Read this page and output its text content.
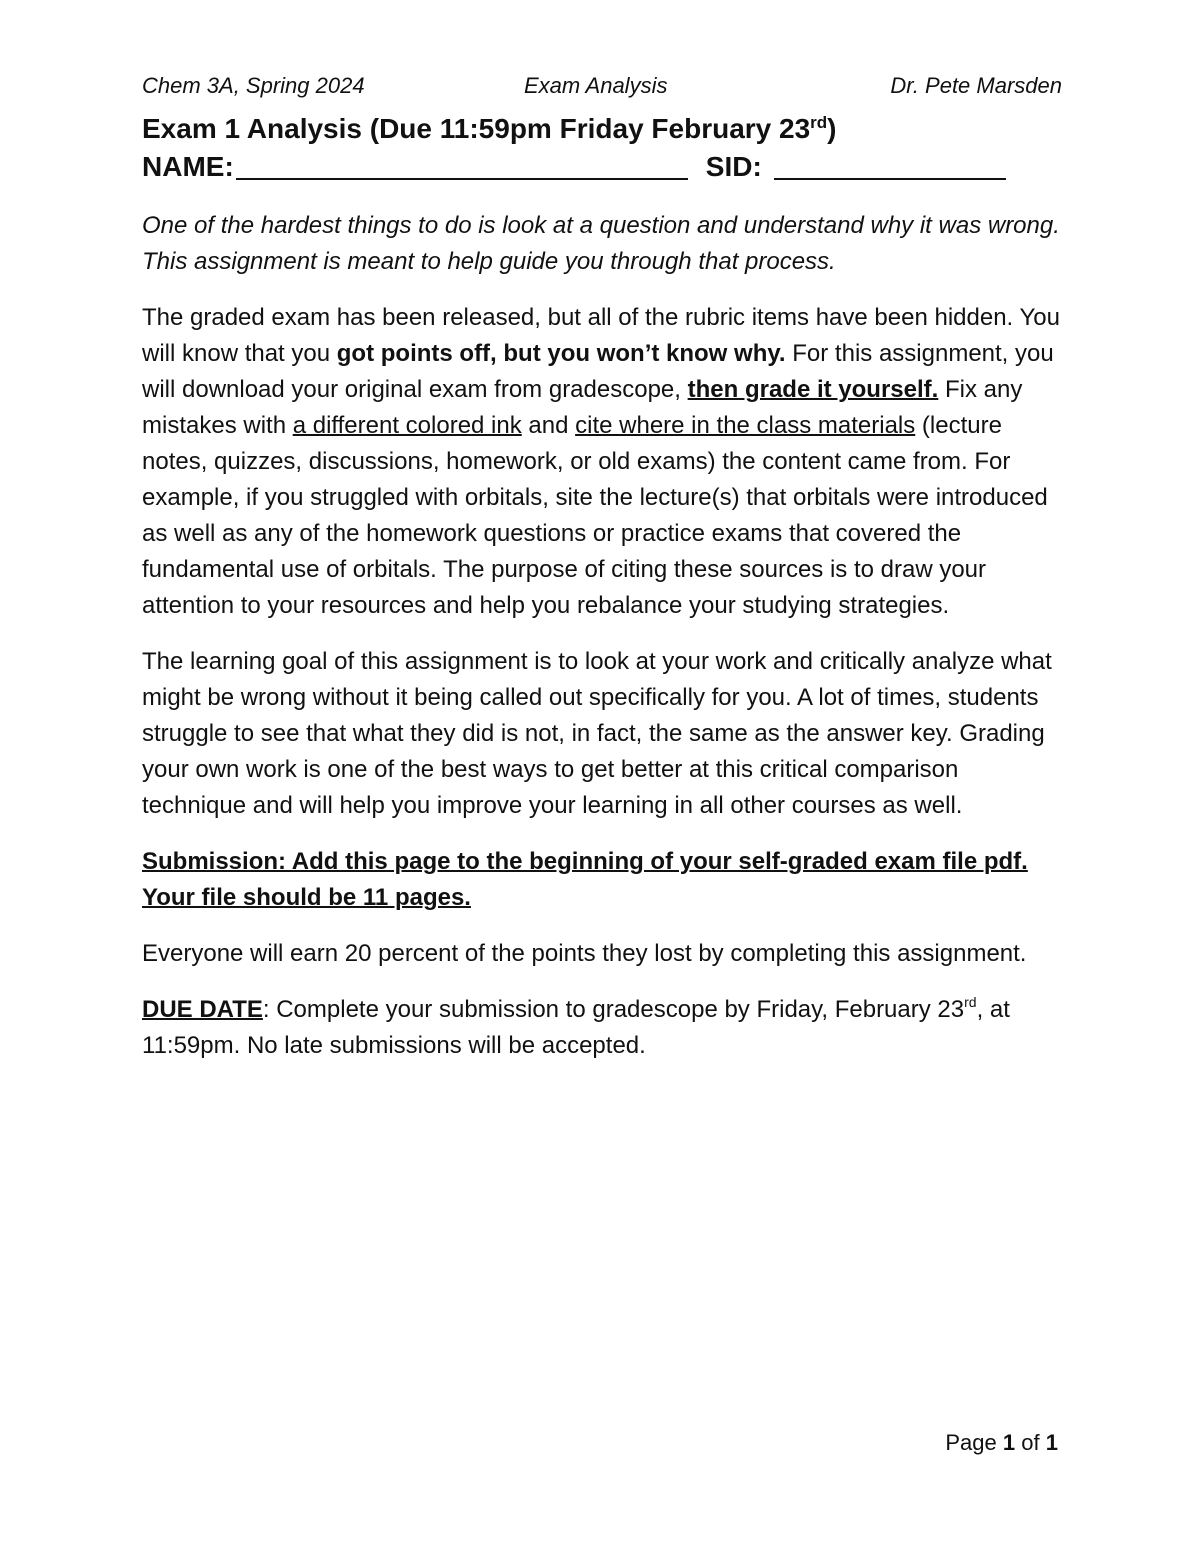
Chem 3A, Spring 2024	Exam Analysis	Dr. Pete Marsden
Exam 1 Analysis (Due 11:59pm Friday February 23rd)
NAME:	SID:

One of the hardest things to do is look at a question and understand why it was wrong. This assignment is meant to help guide you through that process.

The graded exam has been released, but all of the rubric items have been hidden. You will know that you got points off, but you won’t know why. For this assignment, you will download your original exam from gradescope, then grade it yourself. Fix any mistakes with a different colored ink and cite where in the class materials (lecture notes, quizzes, discussions, homework, or old exams) the content came from. For example, if you struggled with orbitals, site the lecture(s) that orbitals were introduced as well as any of the homework questions or practice exams that covered the fundamental use of orbitals. The purpose of citing these sources is to draw your attention to your resources and help you rebalance your studying strategies.

The learning goal of this assignment is to look at your work and critically analyze what might be wrong without it being called out specifically for you. A lot of times, students struggle to see that what they did is not, in fact, the same as the answer key. Grading your own work is one of the best ways to get better at this critical comparison technique and will help you improve your learning in all other courses as well.

Submission: Add this page to the beginning of your self-graded exam file pdf. Your file should be 11 pages.

Everyone will earn 20 percent of the points they lost by completing this assignment.

DUE DATE: Complete your submission to gradescope by Friday, February 23rd, at 11:59pm. No late submissions will be accepted.

Page 1 of 1
